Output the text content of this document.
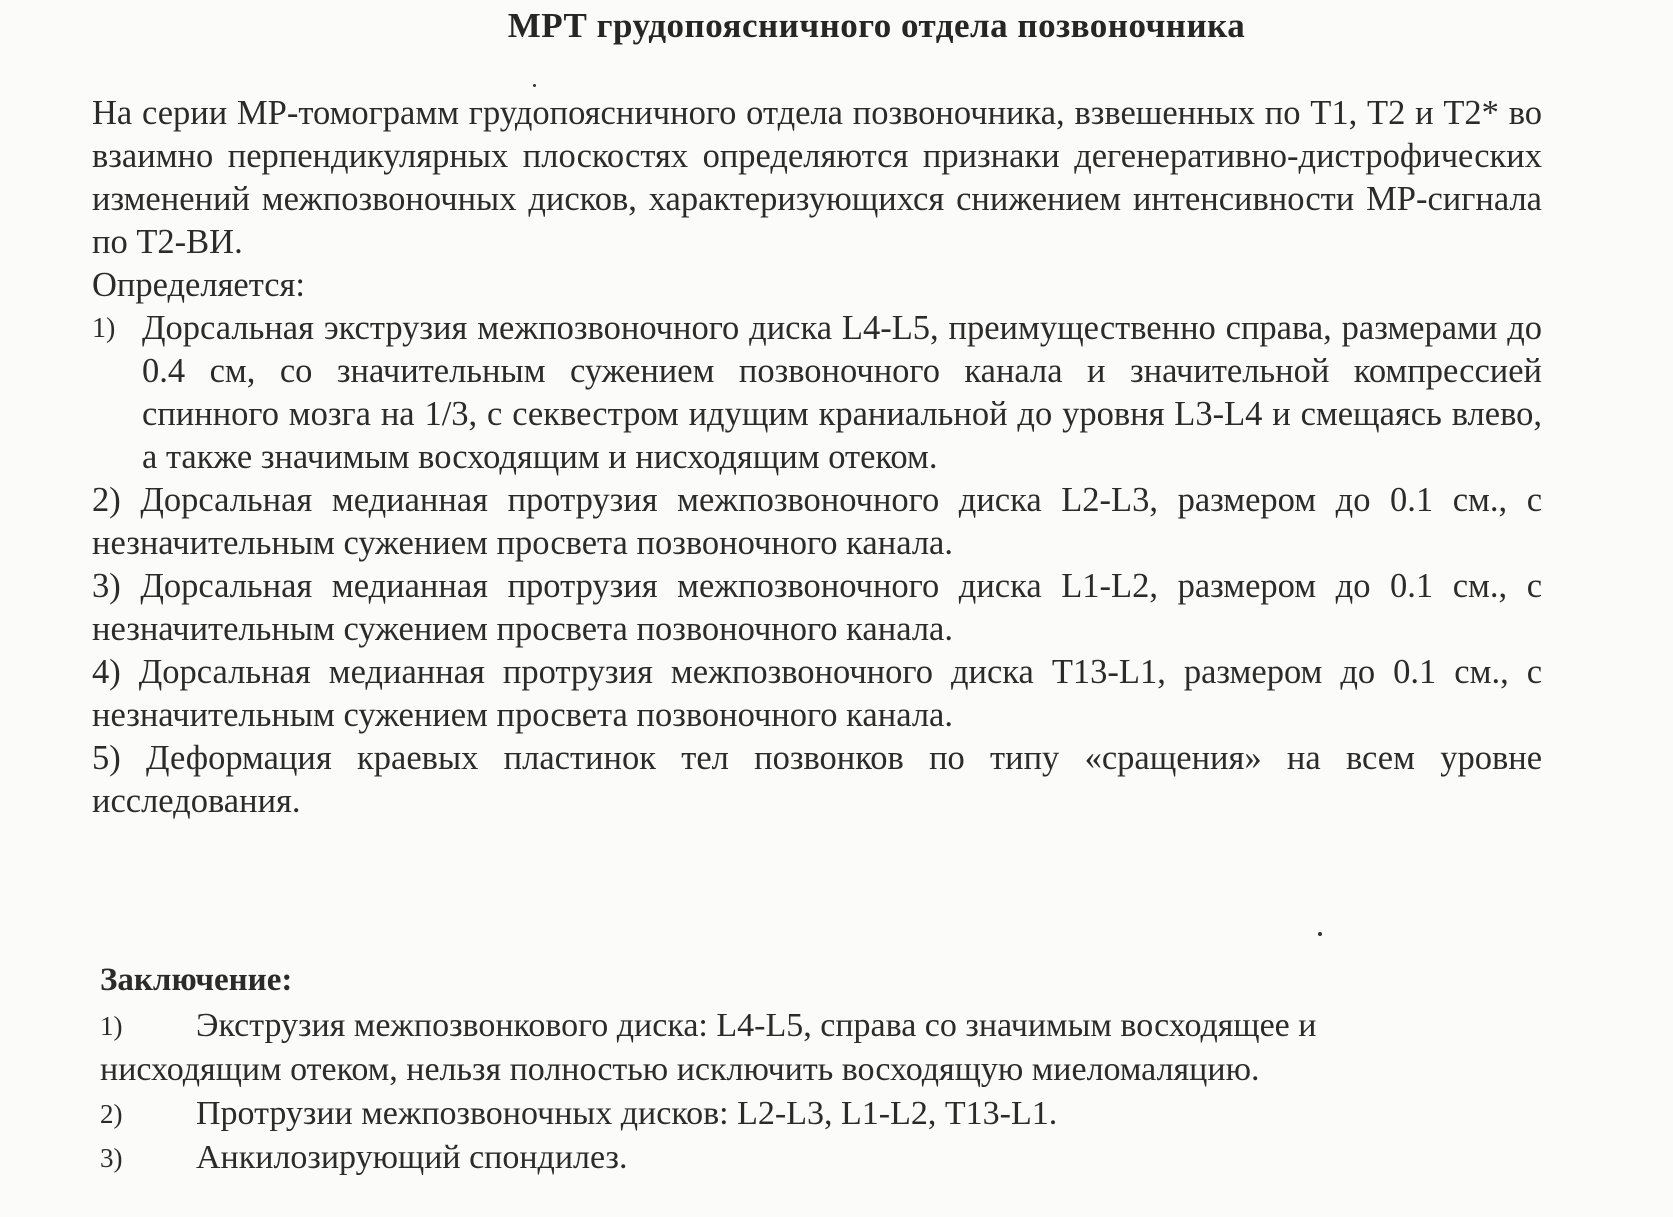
МРТ грудопоясничного отдела позвоночника

На серии МР-томограмм грудопоясничного отдела позвоночника, взвешенных по Т1, Т2 и Т2* во взаимно перпендикулярных плоскостях определяются признаки дегенеративно-дистрофических изменений межпозвоночных дисков, характеризующихся снижением интенсивности МР-сигнала по Т2-ВИ.

Определяется:

1) Дорсальная экструзия межпозвоночного диска L4-L5, преимущественно справа, размерами до 0.4 см, со значительным сужением позвоночного канала и значительной компрессией спинного мозга на 1/3, с секвестром идущим краниальной до уровня L3-L4 и смещаясь влево, а также значимым восходящим и нисходящим отеком.

2) Дорсальная медианная протрузия межпозвоночного диска L2-L3, размером до 0.1 см., с незначительным сужением просвета позвоночного канала.

3) Дорсальная медианная протрузия межпозвоночного диска L1-L2, размером до 0.1 см., с незначительным сужением просвета позвоночного канала.

4) Дорсальная медианная протрузия межпозвоночного диска Т13-L1, размером до 0.1 см., с незначительным сужением просвета позвоночного канала.

5) Деформация краевых пластинок тел позвонков по типу «сращения» на всем уровне исследования.

Заключение:

1)	Экструзия межпозвонкового диска: L4-L5, справа со значимым восходящее и

нисходящим отеком, нельзя полностью исключить восходящую миеломаляцию.

2)	Протрузии межпозвоночных дисков: L2-L3, L1-L2, Т13-L1.
3)	Анкилозирующий спондилез.
